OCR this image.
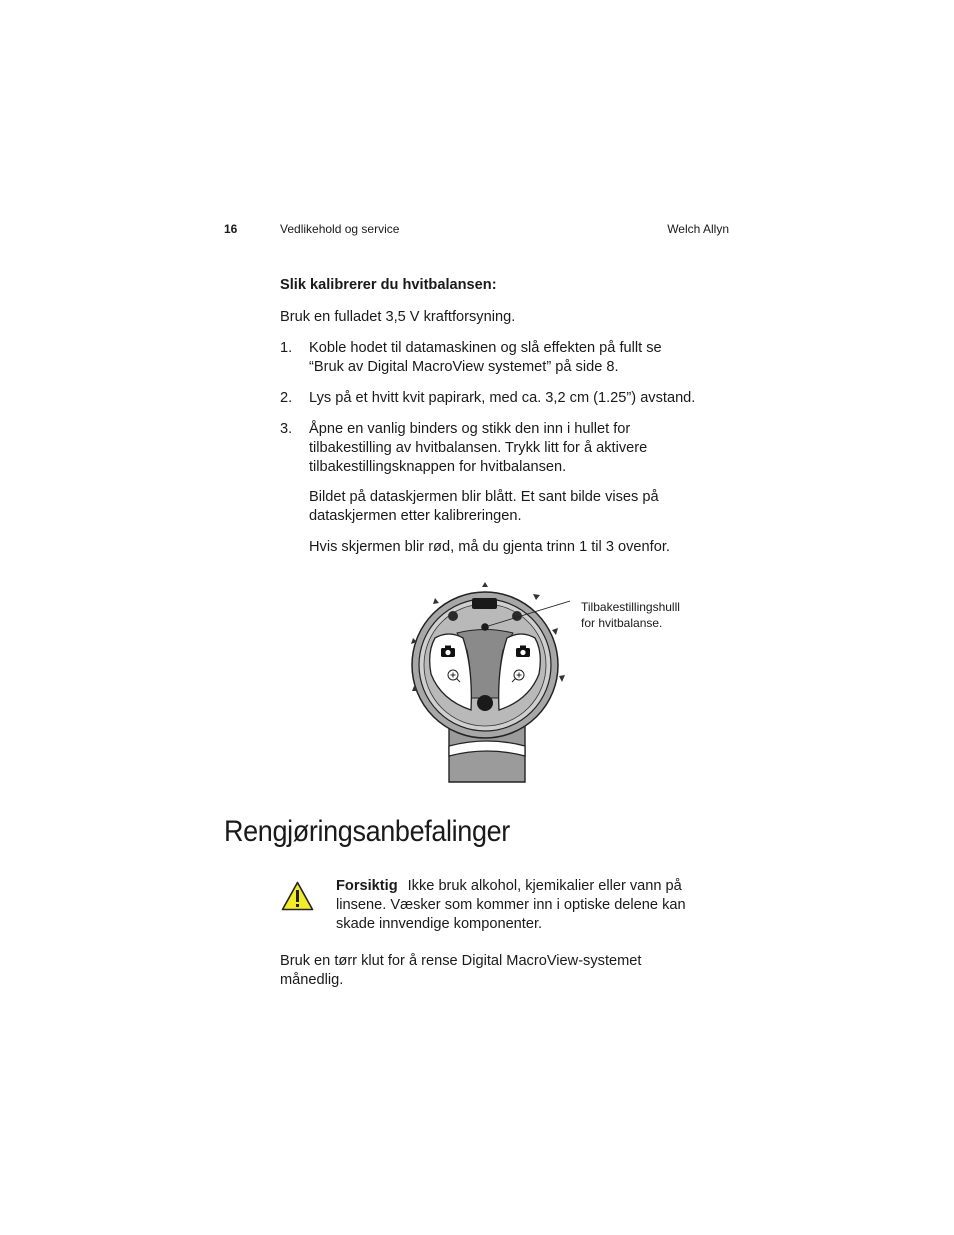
16	Vedlikehold og service	Welch Allyn
Slik kalibrerer du hvitbalansen:
Bruk en fulladet 3,5 V kraftforsyning.
1.	Koble hodet til datamaskinen og slå effekten på fullt se
“Bruk av Digital MacroView systemet” på side 8.
2.	Lys på et hvitt kvit papirark, med ca. 3,2 cm (1.25”) avstand.
3.	Åpne en vanlig binders og stikk den inn i hullet for
tilbakestilling av hvitbalansen. Trykk litt for å aktivere
tilbakestillingsknappen for hvitbalansen.
Bildet på dataskjermen blir blått. Et sant bilde vises på
dataskjermen etter kalibreringen.
Hvis skjermen blir rød, må du gjenta trinn 1 til 3 ovenfor.
Tilbakestillingshulll
for hvitbalanse.
Rengjøringsanbefalinger
Forsiktig Ikke bruk alkohol, kjemikalier eller vann på
linsene. Væsker som kommer inn i optiske delene kan
skade innvendige komponenter.
Bruk en tørr klut for å rense Digital MacroView-systemet
månedlig.
